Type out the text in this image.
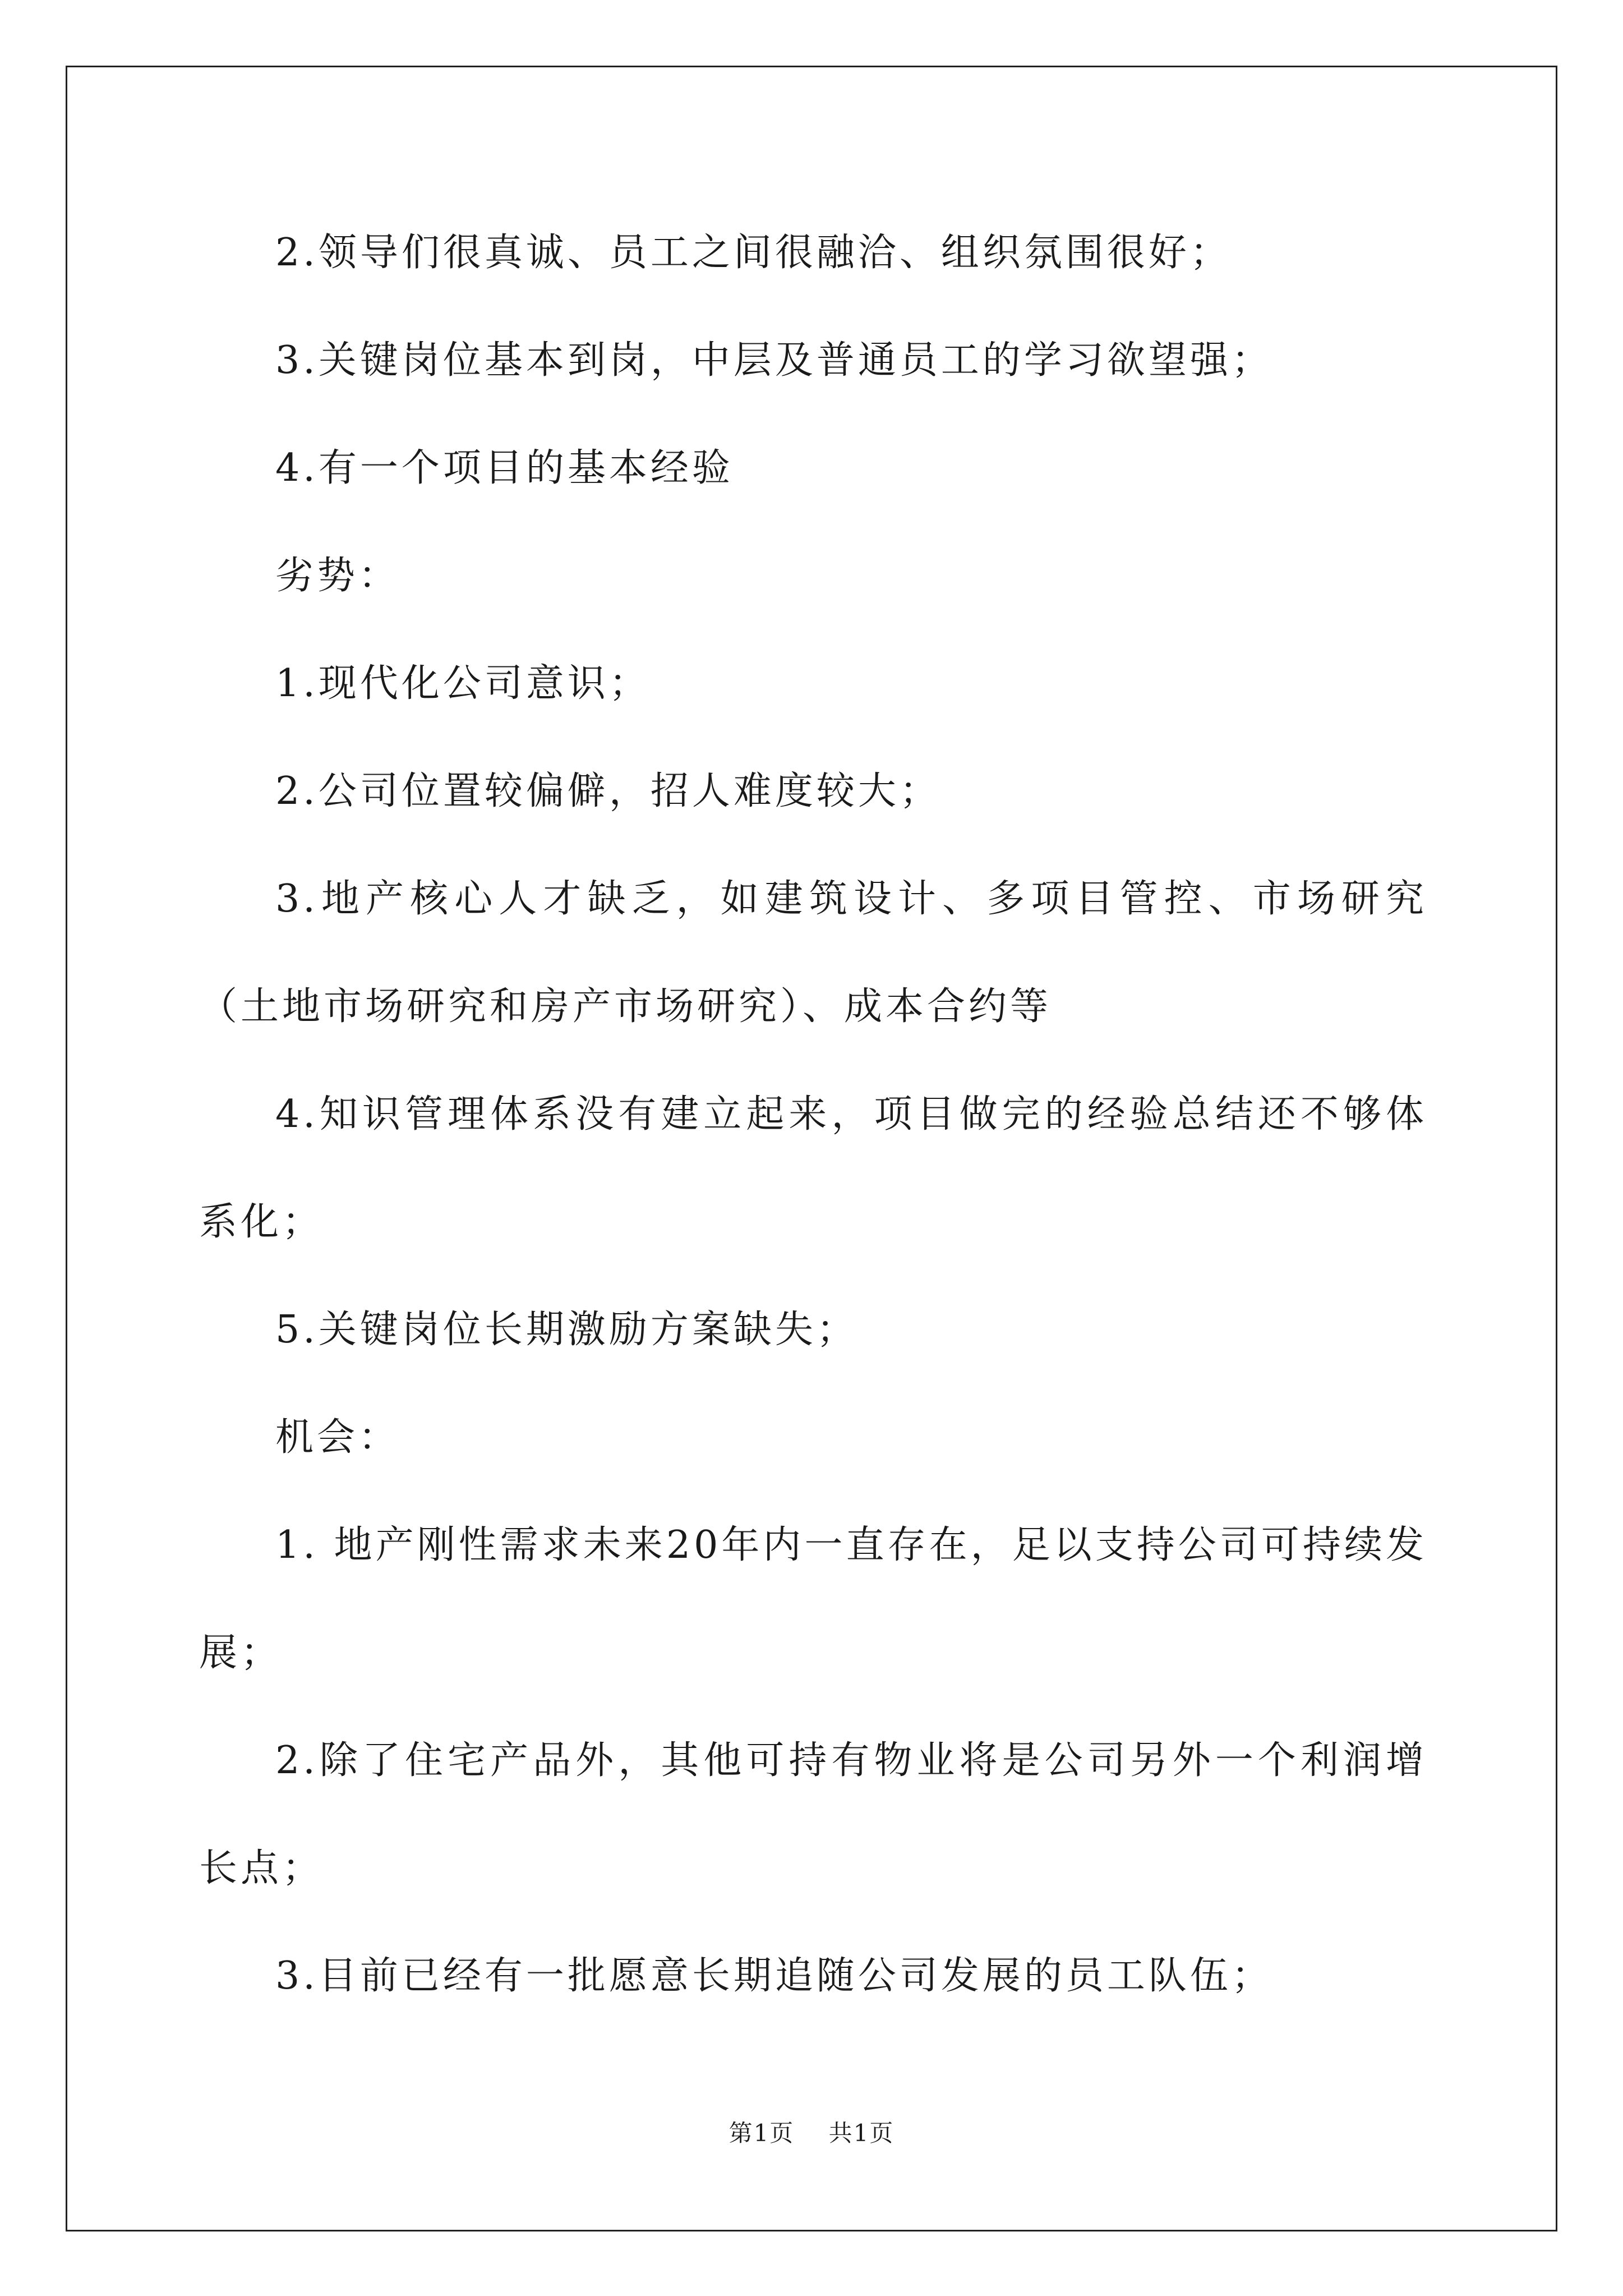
2.领导们很真诚、员工之间很融洽、组织氛围很好；

3.关键岗位基本到岗，中层及普通员工的学习欲望强；

4.有一个项目的基本经验

劣势：

1.现代化公司意识；

2.公司位置较偏僻，招人难度较大；

3.地产核心人才缺乏，如建筑设计、多项目管控、市场研究（土地市场研究和房产市场研究）、成本合约等

4.知识管理体系没有建立起来，项目做完的经验总结还不够体系化；

5.关键岗位长期激励方案缺失；

机会：

1. 地产刚性需求未来20年内一直存在，足以支持公司可持续发展；

2.除了住宅产品外，其他可持有物业将是公司另外一个利润增长点；

3.目前已经有一批愿意长期追随公司发展的员工队伍；

第1页 共1页
